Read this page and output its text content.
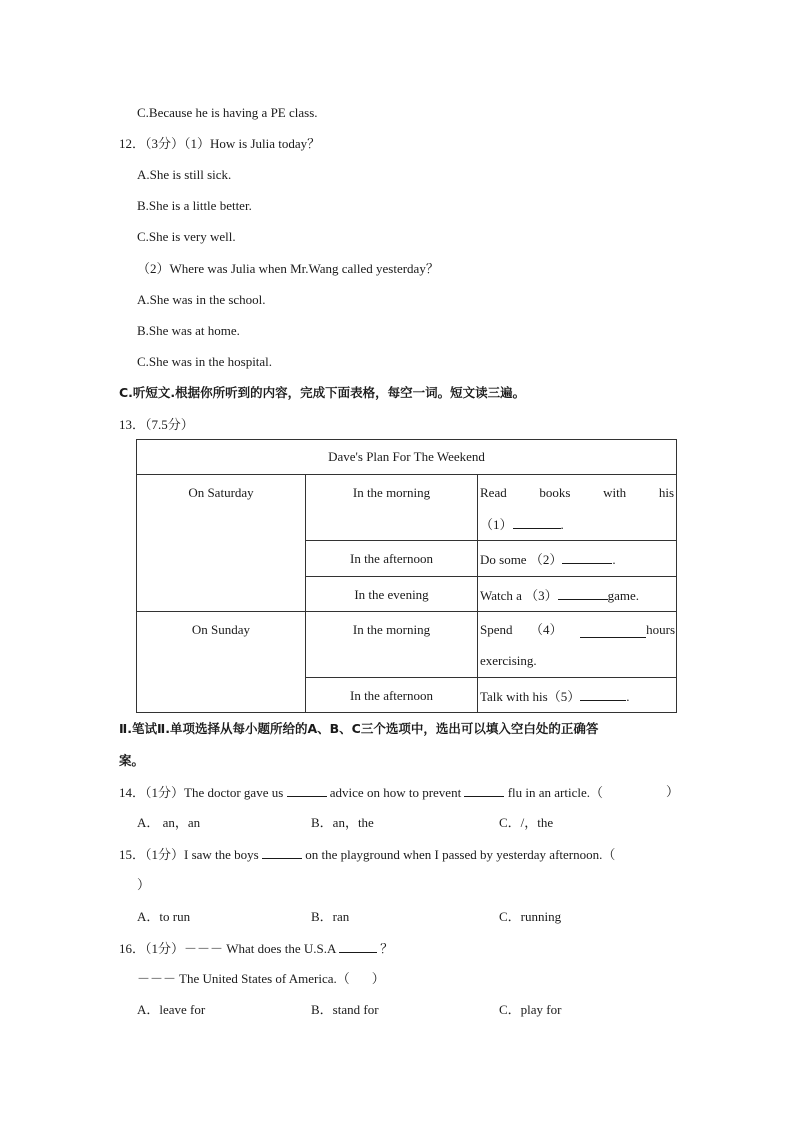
C.Because he is having a PE class.
12．（3分）（1）How is Julia today？
A.She is still sick.
B.She is a little better.
C.She is very well.
（2）Where was Julia when Mr.Wang called yesterday？
A.She was in the school.
B.She was at home.
C.She was in the hospital.
C.听短文.根据你所听到的内容，完成下面表格，每空一词。短文读三遍。
13．（7.5分）
Dave's Plan For The Weekend		

On Saturday	In the morning	Read books with his
（1） .

	In the afternoon	Do some （2） .

	In the evening	Watch a （3） game.

On Sunday	In the morning	Spend （4） hours
exercising.

	In the afternoon	Talk with his（5） .
Ⅱ.笔试Ⅱ.单项选择从每小题所给的A、B、C三个选项中，选出可以填入空白处的正确答
案。
14．（1分）The doctor gave us	advice on how to prevent	flu in an article.（	）
A． an，an	B．an，the	C．/，the
15．（1分）I saw the boys	on the playground when I passed by yesterday afternoon.（
）
A．to run	B．ran	C．running
16．（1分）－－－ What does the U.S.A	？
－－－ The United States of America.（ ）
A．leave for	B．stand for	C．play for
